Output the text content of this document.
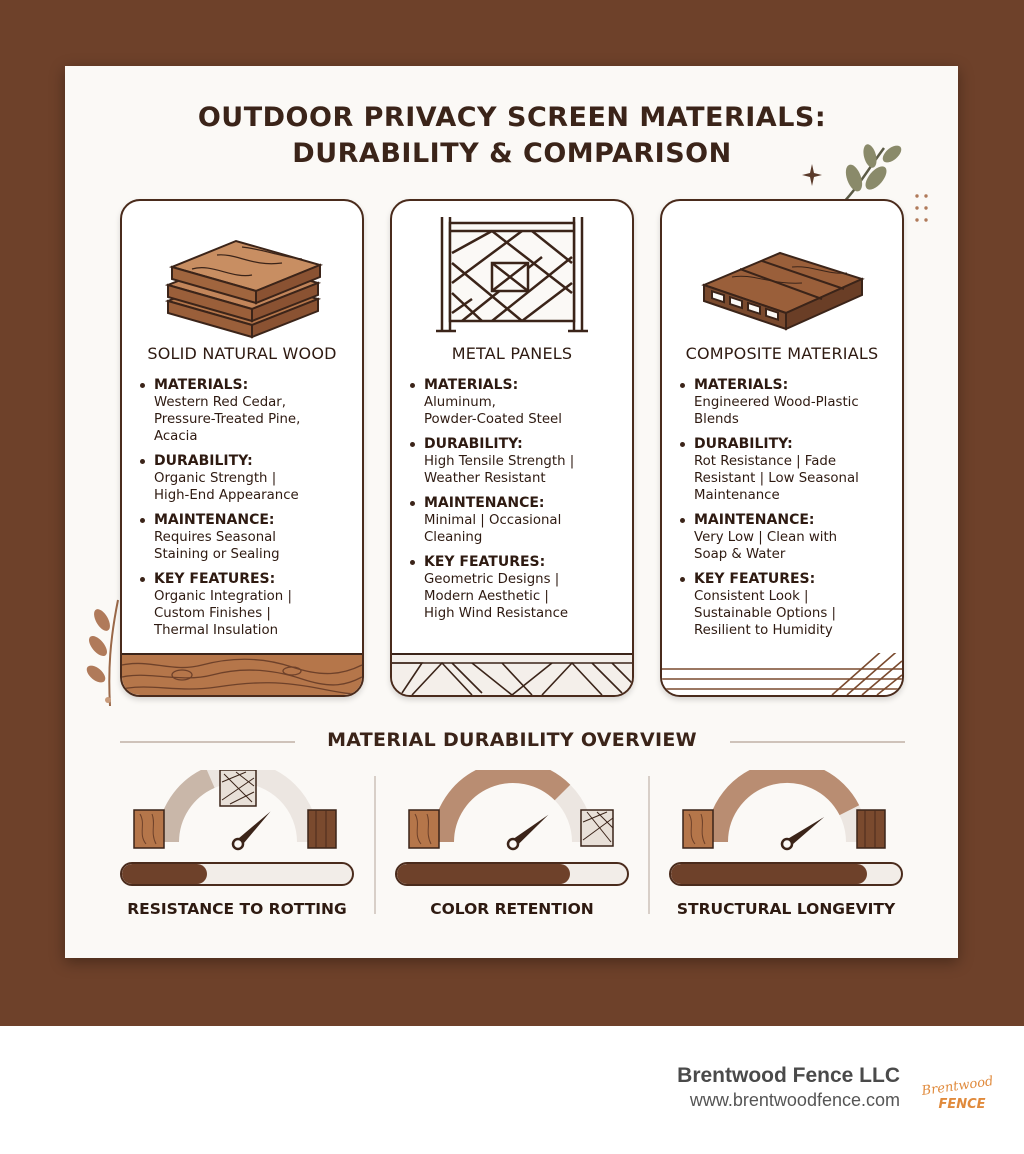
OUTDOOR PRIVACY SCREEN MATERIALS:
DURABILITY & COMPARISON
SOLID NATURAL WOOD
MATERIALS:
Western Red Cedar,
Pressure-Treated Pine,
Acacia
DURABILITY:
Organic Strength |
High-End Appearance
MAINTENANCE:
Requires Seasonal
Staining or Sealing
KEY FEATURES:
Organic Integration |
Custom Finishes |
Thermal Insulation
METAL PANELS
MATERIALS:
Aluminum,
Powder-Coated Steel
DURABILITY:
High Tensile Strength |
Weather Resistant
MAINTENANCE:
Minimal | Occasional
Cleaning
KEY FEATURES:
Geometric Designs |
Modern Aesthetic |
High Wind Resistance
COMPOSITE MATERIALS
MATERIALS:
Engineered Wood-Plastic
Blends
DURABILITY:
Rot Resistance | Fade
Resistant | Low Seasonal
Maintenance
MAINTENANCE:
Very Low | Clean with
Soap & Water
KEY FEATURES:
Consistent Look |
Sustainable Options |
Resilient to Humidity
MATERIAL DURABILITY OVERVIEW
RESISTANCE TO ROTTING	COLOR RETENTION	STRUCTURAL LONGEVITY
Brentwood Fence LLC
www.brentwoodfence.com
Brentwood
FENCE
